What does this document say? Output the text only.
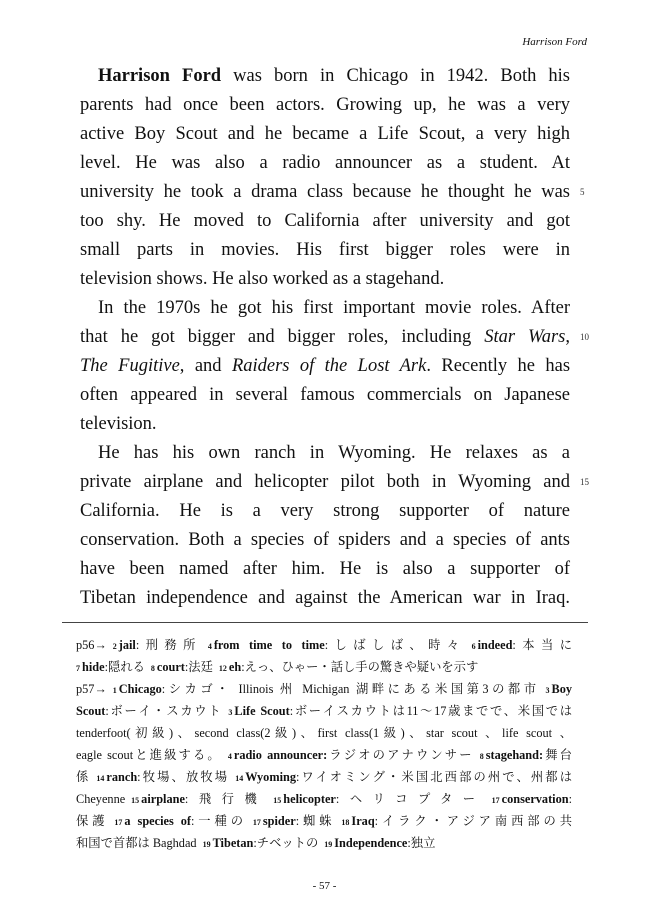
Harrison Ford
Harrison Ford was born in Chicago in 1942. Both his
parents had once been actors. Growing up, he was a very
active Boy Scout and he became a Life Scout, a very high
level. He was also a radio announcer as a student. At
university he took a drama class because he thought he was
too shy. He moved to California after university and got
small parts in movies. His first bigger roles were in
television shows. He also worked as a stagehand.
In the 1970s he got his first important movie roles. After
that he got bigger and bigger roles, including Star Wars,
The Fugitive, and Raiders of the Lost Ark. Recently he has
often appeared in several famous commercials on Japanese
television.
He has his own ranch in Wyoming. He relaxes as a
private airplane and helicopter pilot both in Wyoming and
California. He is a very strong supporter of nature
conservation. Both a species of spiders and a species of ants
have been named after him. He is also a supporter of
Tibetan independence and against the American war in Iraq.
5
10
15
p56→ 2 jail:刑務所 4 from time to time:しばしば、時々 6 indeed:本当に
7 hide:隠れる 8 court:法廷 12 eh:えっ、ひゃー・話し手の驚きや疑いを示す
p57→ 1 Chicago:シカゴ・ Illinois 州 Michigan 湖畔にある米国第3の都市 3 Boy
Scout:ボーイ・スカウト 3 Life Scout:ボーイスカウトは11～17歳までで、米国では
tenderfoot(初級)、second class(2級)、first class(1級)、star scout 、life scout 、
eagle scoutと進級する。 4 radio announcer:ラジオのアナウンサー 8 stagehand:舞台
係 14 ranch:牧場、放牧場 14 Wyoming:ワイオミング・米国北西部の州で、州都は
Cheyenne 15 airplane:飛行機 15 helicopter:ヘリコプター 17 conservation:
保護 17 a species of:一種の 17 spider:蜘蛛 18 Iraq:イラク・アジア南西部の共
和国で首都は Baghdad 19 Tibetan:チベットの 19 Independence:独立
- 57 -
